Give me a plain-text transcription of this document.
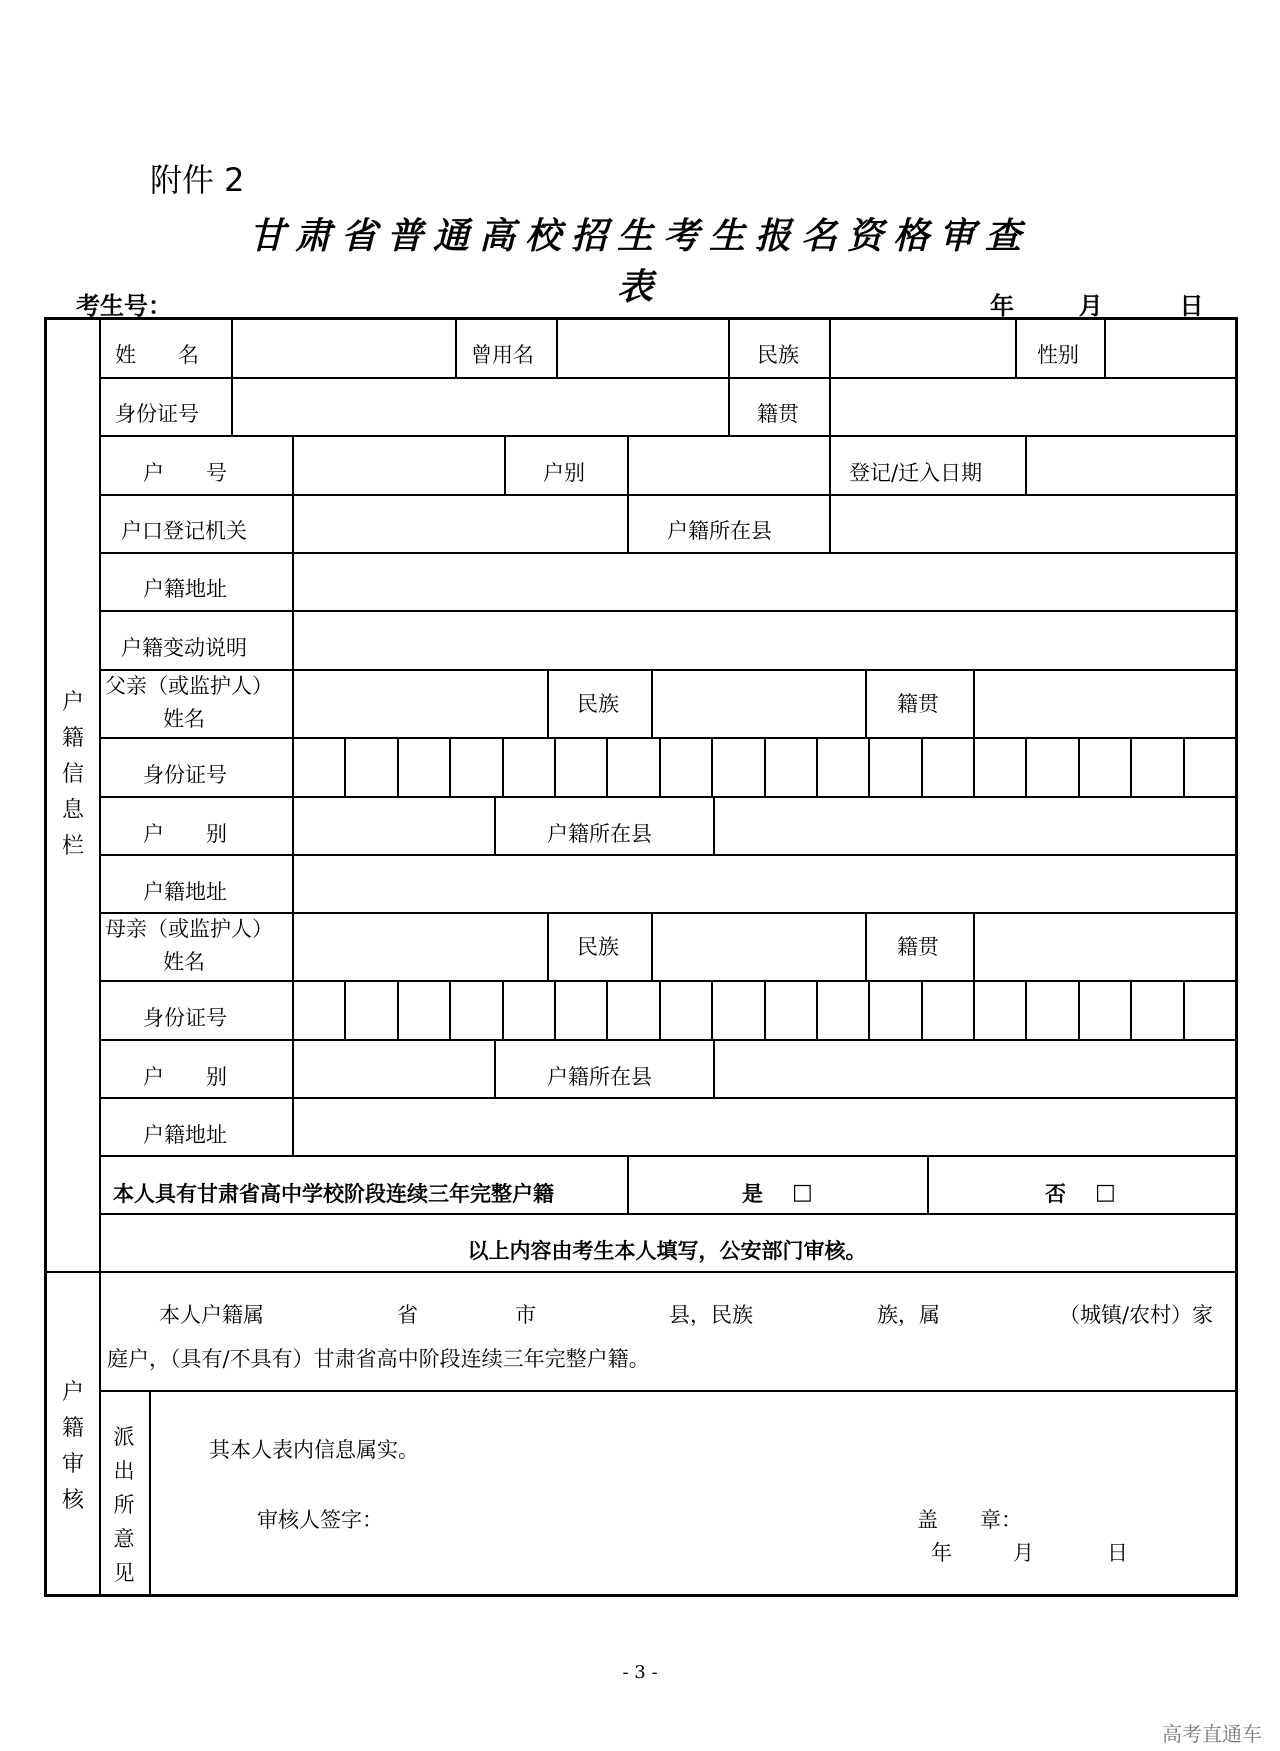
附件 2
甘肃省普通高校招生考生报名资格审查表
考生号：	年	月	日
户
籍
信
息
栏
姓　　名	曾用名	民族	性别
身份证号	籍贯
户　　号	户别	登记/迁入日期
户口登记机关	户籍所在县
户籍地址
户籍变动说明
父亲（或监护人）
姓名
民族	籍贯
身份证号
户　　别	户籍所在县
户籍地址
母亲（或监护人）
姓名
民族	籍贯
身份证号
户　　别	户籍所在县
户籍地址
本人具有甘肃省高中学校阶段连续三年完整户籍	是 □	否 □
以上内容由考生本人填写，公安部门审核。
户
籍
审
核
本人户籍属	省	市	县，民族	族，属	（城镇/农村）家
庭户，（具有/不具有）甘肃省高中阶段连续三年完整户籍。
派
出
所
意
见
其本人表内信息属实。
审核人签字：	盖　　章：
年	月	日
- 3 -
高考直通车
